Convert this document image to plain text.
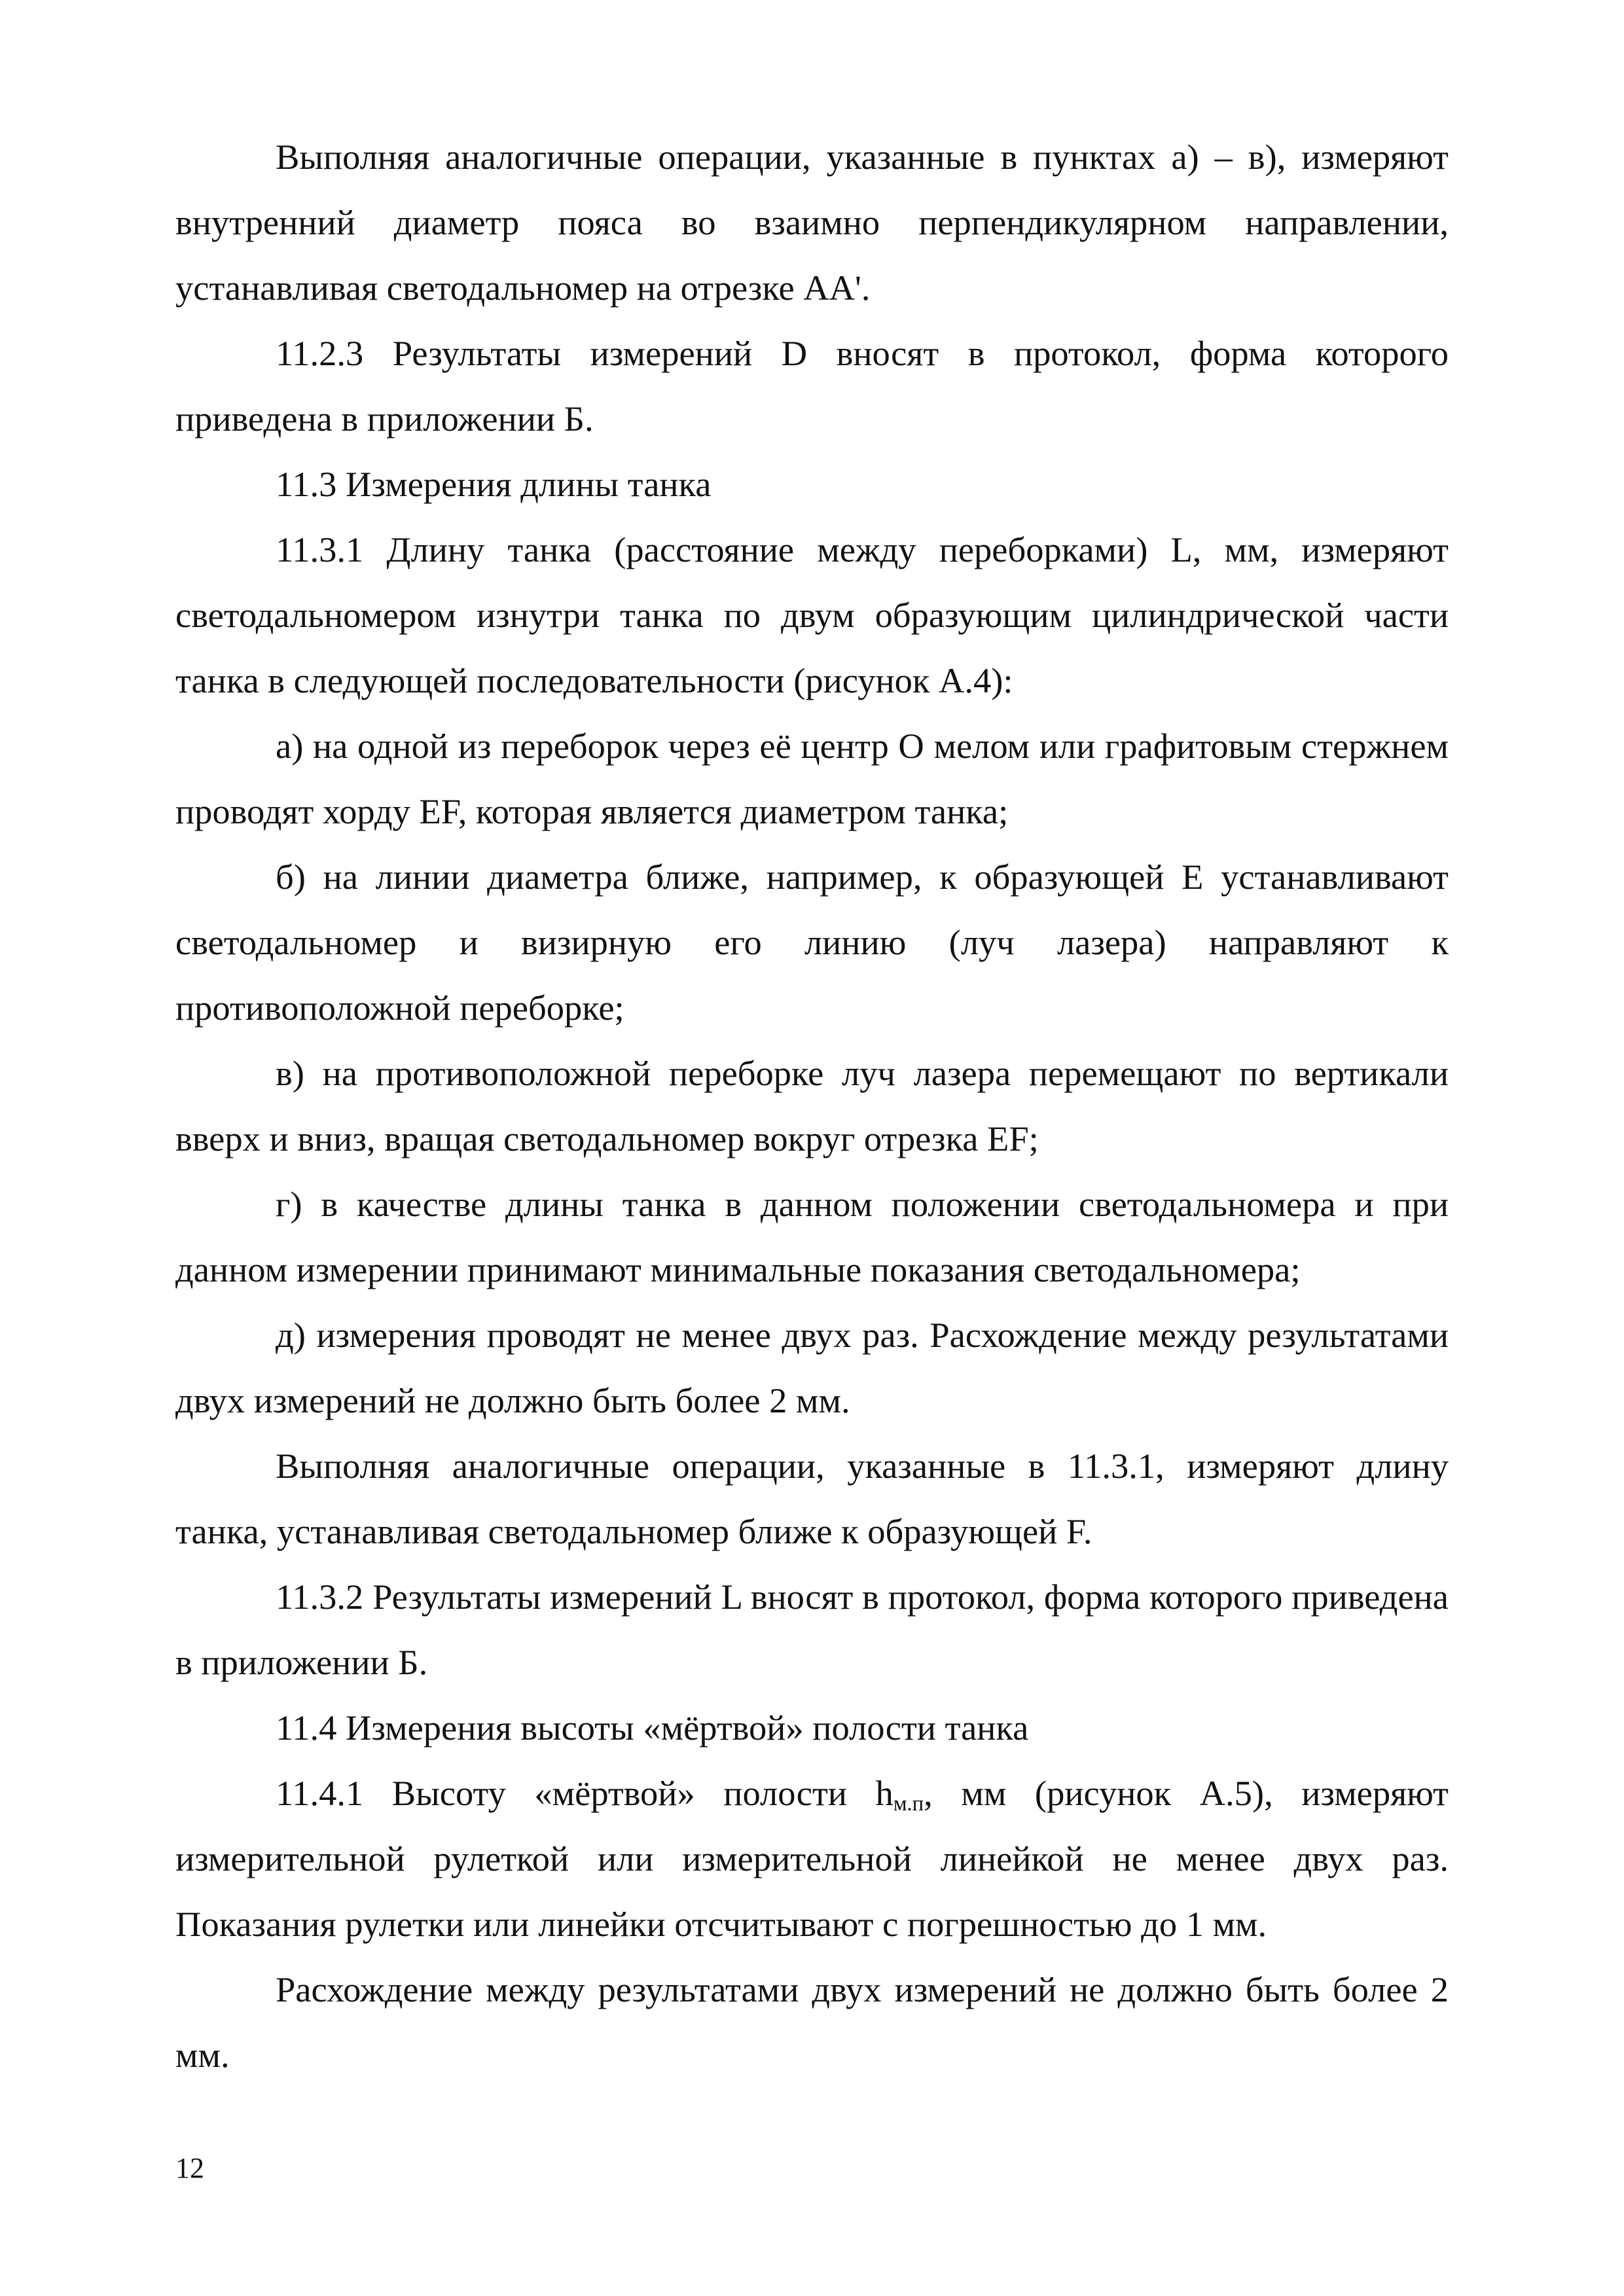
Выполняя аналогичные операции, указанные в пунктах а) – в), измеряют внутренний диаметр пояса во взаимно перпендикулярном направлении, устанавливая светодальномер на отрезке АА'.

11.2.3 Результаты измерений D вносят в протокол, форма которого приведена в приложении Б.

11.3 Измерения длины танка

11.3.1 Длину танка (расстояние между переборками) L, мм, измеряют светодальномером изнутри танка по двум образующим цилиндрической части танка в следующей последовательности (рисунок А.4):

а) на одной из переборок через её центр О мелом или графитовым стержнем проводят хорду EF, которая является диаметром танка;

б) на линии диаметра ближе, например, к образующей Е устанавливают светодальномер и визирную его линию (луч лазера) направляют к противоположной переборке;

в) на противоположной переборке луч лазера перемещают по вертикали вверх и вниз, вращая светодальномер вокруг отрезка EF;

г) в качестве длины танка в данном положении светодальномера и при данном измерении принимают минимальные показания светодальномера;

д) измерения проводят не менее двух раз. Расхождение между результатами двух измерений не должно быть более 2 мм.

Выполняя аналогичные операции, указанные в 11.3.1, измеряют длину танка, устанавливая светодальномер ближе к образующей F.

11.3.2 Результаты измерений L вносят в протокол, форма которого приведена в приложении Б.

11.4 Измерения высоты «мёртвой» полости танка

11.4.1 Высоту «мёртвой» полости $h_{м.п}$, мм (рисунок А.5), измеряют измерительной рулеткой или измерительной линейкой не менее двух раз. Показания рулетки или линейки отсчитывают с погрешностью до 1 мм.

Расхождение между результатами двух измерений не должно быть более 2 мм.

12
